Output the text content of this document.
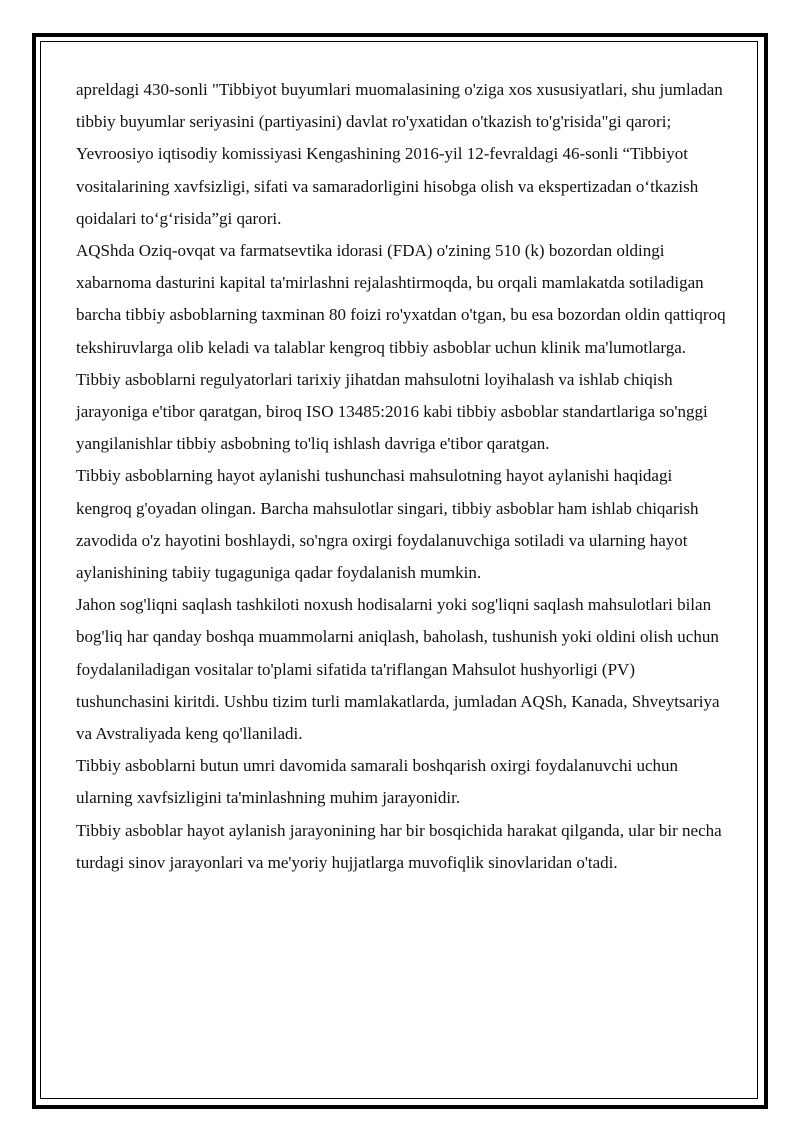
apreldagi 430-sonli "Tibbiyot buyumlari muomalasining o'ziga xos xususiyatlari, shu jumladan tibbiy buyumlar seriyasini (partiyasini) davlat ro'yxatidan o'tkazish to'g'risida"gi qarori; Yevroosiyo iqtisodiy komissiyasi Kengashining 2016-yil 12-fevraldagi 46-sonli “Tibbiyot vositalarining xavfsizligi, sifati va samaradorligini hisobga olish va ekspertizadan o‘tkazish qoidalari to‘g‘risida”gi qarori.

AQShda Oziq-ovqat va farmatsevtika idorasi (FDA) o'zining 510 (k) bozordan oldingi xabarnoma dasturini kapital ta'mirlashni rejalashtirmoqda, bu orqali mamlakatda sotiladigan barcha tibbiy asboblarning taxminan 80 foizi ro'yxatdan o'tgan, bu esa bozordan oldin qattiqroq tekshiruvlarga olib keladi va talablar kengroq tibbiy asboblar uchun klinik ma'lumotlarga.

Tibbiy asboblarni regulyatorlari tarixiy jihatdan mahsulotni loyihalash va ishlab chiqish jarayoniga e'tibor qaratgan, biroq ISO 13485:2016 kabi tibbiy asboblar standartlariga so'nggi yangilanishlar tibbiy asbobning to'liq ishlash davriga e'tibor qaratgan.

Tibbiy asboblarning hayot aylanishi tushunchasi mahsulotning hayot aylanishi haqidagi kengroq g'oyadan olingan. Barcha mahsulotlar singari, tibbiy asboblar ham ishlab chiqarish zavodida o'z hayotini boshlaydi, so'ngra oxirgi foydalanuvchiga sotiladi va ularning hayot aylanishining tabiiy tugaguniga qadar foydalanish mumkin.

Jahon sog'liqni saqlash tashkiloti noxush hodisalarni yoki sog'liqni saqlash mahsulotlari bilan bog'liq har qanday boshqa muammolarni aniqlash, baholash, tushunish yoki oldini olish uchun foydalaniladigan vositalar to'plami sifatida ta'riflangan Mahsulot hushyorligi (PV) tushunchasini kiritdi. Ushbu tizim turli mamlakatlarda, jumladan AQSh, Kanada, Shveytsariya va Avstraliyada keng qo'llaniladi.

Tibbiy asboblarni butun umri davomida samarali boshqarish oxirgi foydalanuvchi uchun ularning xavfsizligini ta'minlashning muhim jarayonidir.

Tibbiy asboblar hayot aylanish jarayonining har bir bosqichida harakat qilganda, ular bir necha turdagi sinov jarayonlari va me'yoriy hujjatlarga muvofiqlik sinovlaridan o'tadi.
